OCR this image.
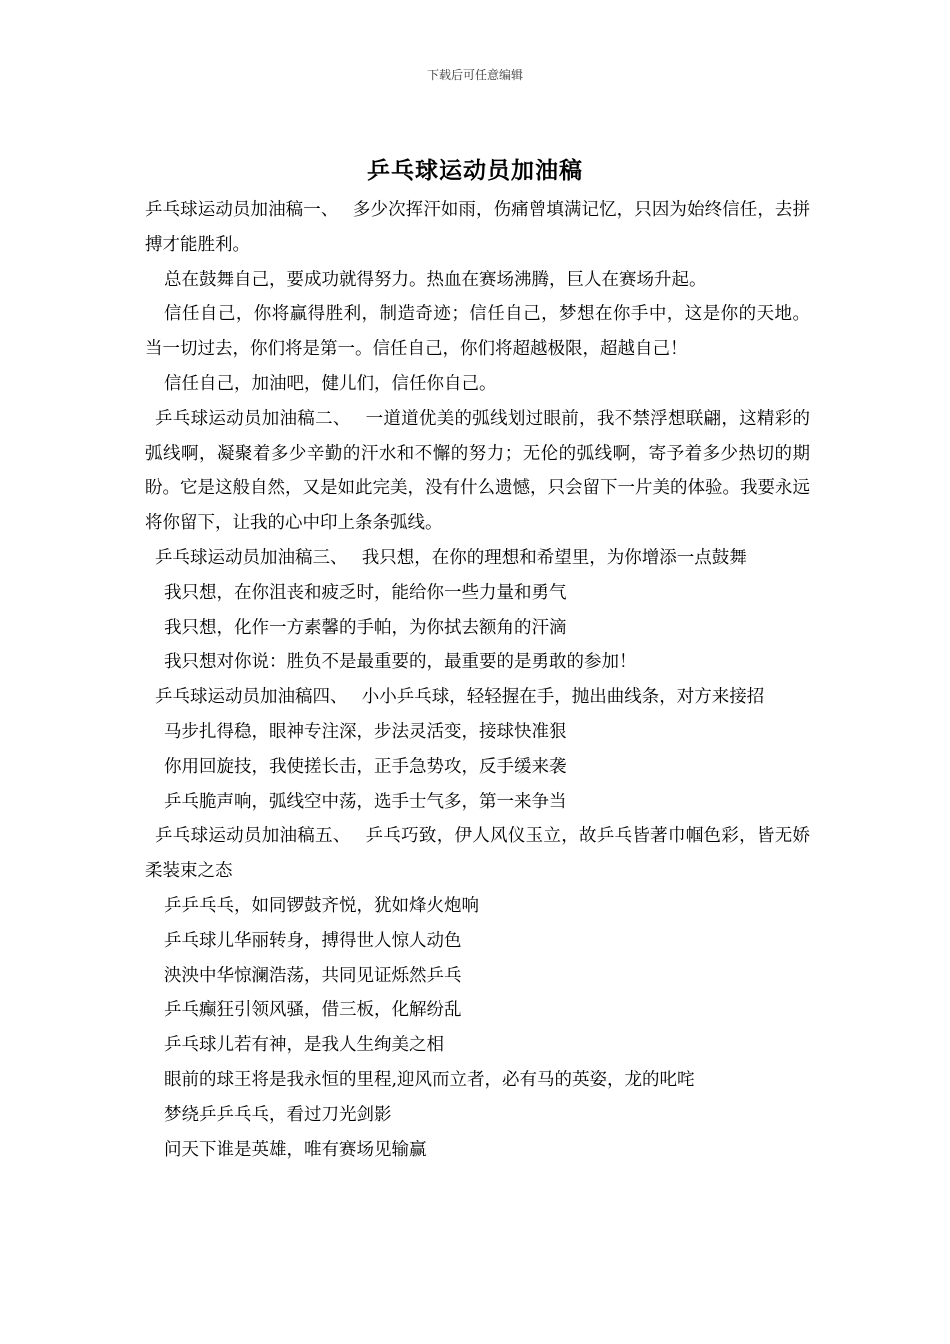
下载后可任意编辑
乒乓球运动员加油稿

乒乓球运动员加油稿一、　 多少次挥汗如雨，伤痛曾填满记忆，只因为始终信任，去拼搏才能胜利。

总在鼓舞自己，要成功就得努力。热血在赛场沸腾，巨人在赛场升起。

信任自己，你将赢得胜利，制造奇迹；信任自己，梦想在你手中，这是你的天地。当一切过去，你们将是第一。信任自己，你们将超越极限，超越自己！

信任自己，加油吧，健儿们，信任你自己。

乒乓球运动员加油稿二、　 一道道优美的弧线划过眼前，我不禁浮想联翩，这精彩的弧线啊，凝聚着多少辛勤的汗水和不懈的努力；无伦的弧线啊，寄予着多少热切的期盼。它是这般自然，又是如此完美，没有什么遗憾，只会留下一片美的体验。我要永远将你留下，让我的心中印上条条弧线。

乒乓球运动员加油稿三、　 我只想，在你的理想和希望里，为你增添一点鼓舞

我只想，在你沮丧和疲乏时，能给你一些力量和勇气

我只想，化作一方素馨的手帕，为你拭去额角的汗滴

我只想对你说：胜负不是最重要的，最重要的是勇敢的参加！

乒乓球运动员加油稿四、　 小小乒乓球，轻轻握在手，抛出曲线条，对方来接招

马步扎得稳，眼神专注深，步法灵活变，接球快准狠

你用回旋技，我使搓长击，正手急势攻，反手缓来袭

乒乓脆声响，弧线空中荡，选手士气多，第一来争当

乒乓球运动员加油稿五、　 乒乓巧致，伊人风仪玉立，故乒乓皆著巾帼色彩，皆无娇柔装束之态

乒乒乓乓，如同锣鼓齐悦，犹如烽火炮响

乒乓球儿华丽转身，搏得世人惊人动色

泱泱中华惊澜浩荡，共同见证烁然乒乓

乒乓癫狂引领风骚，借三板，化解纷乱

乒乓球儿若有神，是我人生绚美之相

眼前的球王将是我永恒的里程,迎风而立者，必有马的英姿，龙的叱咤

梦绕乒乒乓乓，看过刀光剑影

问天下谁是英雄，唯有赛场见输赢
